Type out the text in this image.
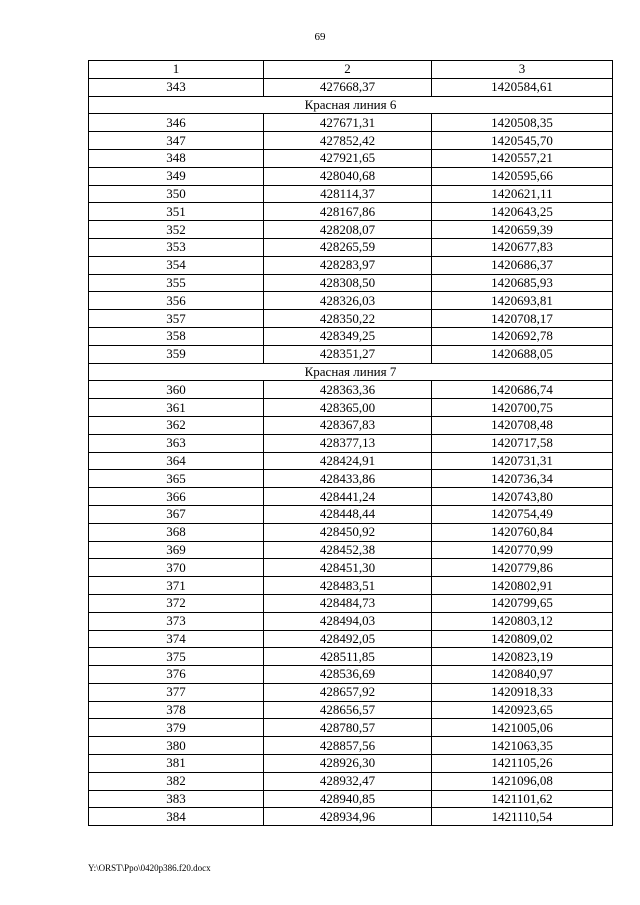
69
1	2	3
343	427668,37	1420584,61
Красная линия 6		
346	427671,31	1420508,35
347	427852,42	1420545,70
348	427921,65	1420557,21
349	428040,68	1420595,66
350	428114,37	1420621,11
351	428167,86	1420643,25
352	428208,07	1420659,39
353	428265,59	1420677,83
354	428283,97	1420686,37
355	428308,50	1420685,93
356	428326,03	1420693,81
357	428350,22	1420708,17
358	428349,25	1420692,78
359	428351,27	1420688,05
Красная линия 7		
360	428363,36	1420686,74
361	428365,00	1420700,75
362	428367,83	1420708,48
363	428377,13	1420717,58
364	428424,91	1420731,31
365	428433,86	1420736,34
366	428441,24	1420743,80
367	428448,44	1420754,49
368	428450,92	1420760,84
369	428452,38	1420770,99
370	428451,30	1420779,86
371	428483,51	1420802,91
372	428484,73	1420799,65
373	428494,03	1420803,12
374	428492,05	1420809,02
375	428511,85	1420823,19
376	428536,69	1420840,97
377	428657,92	1420918,33
378	428656,57	1420923,65
379	428780,57	1421005,06
380	428857,56	1421063,35
381	428926,30	1421105,26
382	428932,47	1421096,08
383	428940,85	1421101,62
384	428934,96	1421110,54
Y:\ORST\Ppo\0420p386.f20.docx
